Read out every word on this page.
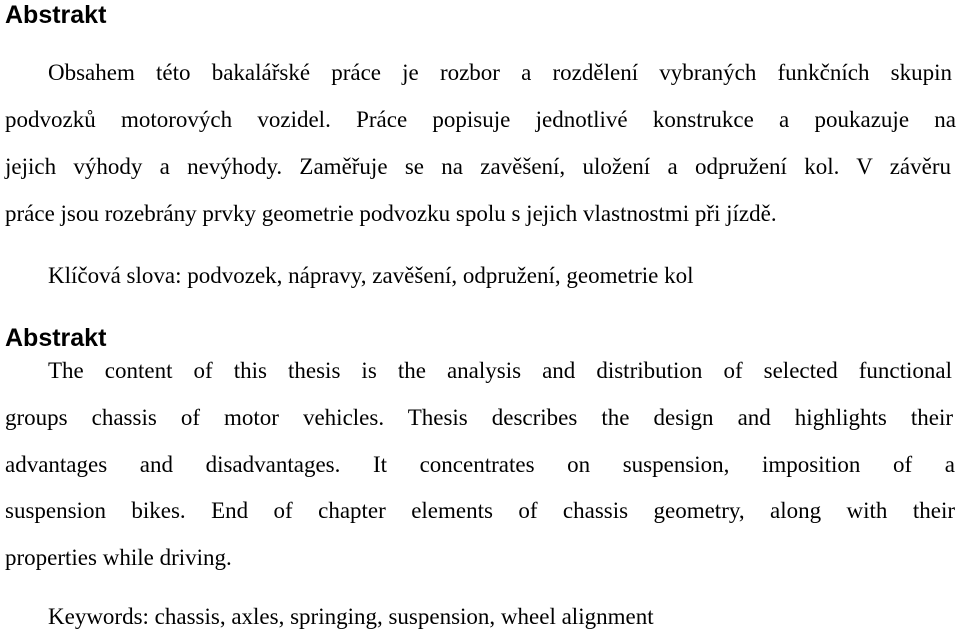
Abstrakt

Obsahem této bakalářské práce je rozbor a rozdělení vybraných funkčních skupin

podvozků motorových vozidel. Práce popisuje jednotlivé konstrukce a poukazuje na

jejich výhody a nevýhody. Zaměřuje se na zavěšení, uložení a odpružení kol. V závěru

práce jsou rozebrány prvky geometrie podvozku spolu s jejich vlastnostmi při jízdě.

Klíčová slova: podvozek, nápravy, zavěšení, odpružení, geometrie kol

Abstrakt

The content of this thesis is the analysis and distribution of selected functional

groups chassis of motor vehicles. Thesis describes the design and highlights their

advantages and disadvantages. It concentrates on suspension, imposition of a

suspension bikes. End of chapter elements of chassis geometry, along with their

properties while driving.

Keywords: chassis, axles, springing, suspension, wheel alignment
